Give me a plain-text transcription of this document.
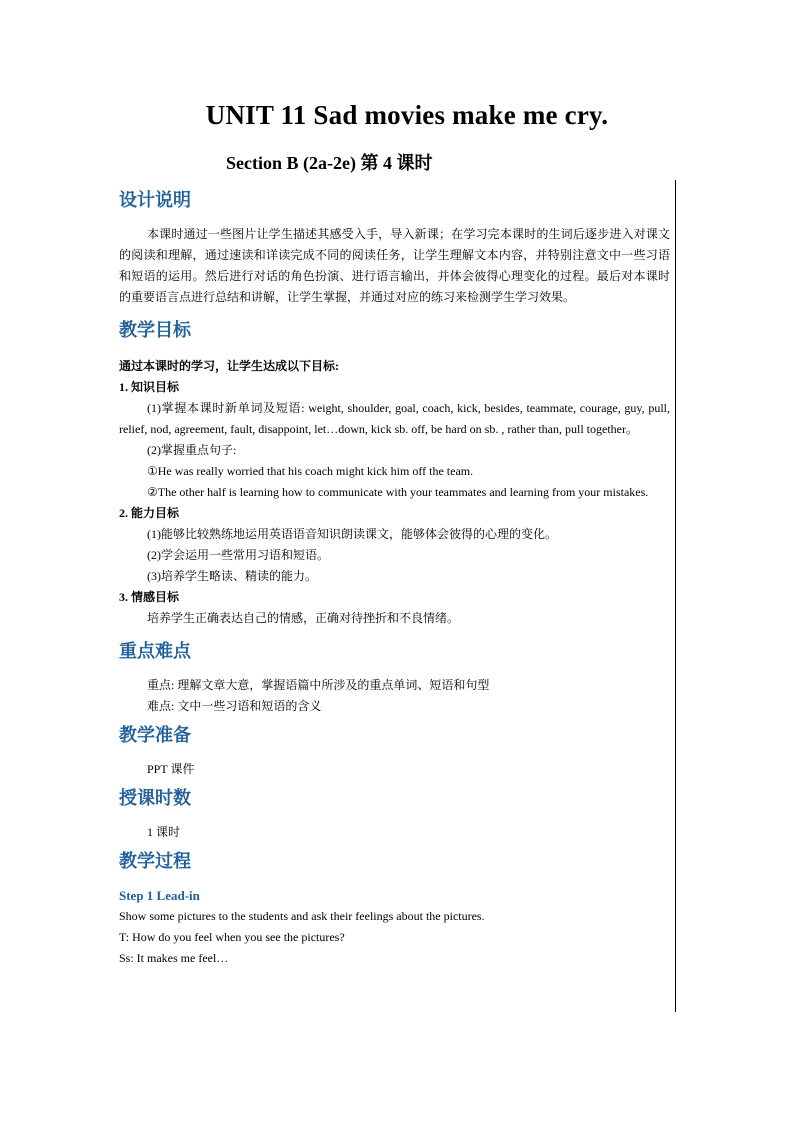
UNIT 11 Sad movies make me cry.
Section B (2a-2e) 第 4 课时
设计说明

本课时通过一些图片让学生描述其感受入手，导入新课；在学习完本课时的生词后逐步进入对课文的阅读和理解，通过速读和详读完成不同的阅读任务，让学生理解文本内容，并特别注意文中一些习语和短语的运用。然后进行对话的角色扮演、进行语言输出，并体会彼得心理变化的过程。最后对本课时的重要语言点进行总结和讲解，让学生掌握，并通过对应的练习来检测学生学习效果。

教学目标

通过本课时的学习，让学生达成以下目标:

1. 知识目标

(1)掌握本课时新单词及短语: weight, shoulder, goal, coach, kick, besides, teammate, courage, guy, pull, relief, nod, agreement, fault, disappoint, let…down, kick sb. off, be hard on sb. , rather than, pull together。

(2)掌握重点句子:

①He was really worried that his coach might kick him off the team.

②The other half is learning how to communicate with your teammates and learning from your mistakes.

2. 能力目标

(1)能够比较熟练地运用英语语音知识朗读课文，能够体会彼得的心理的变化。

(2)学会运用一些常用习语和短语。

(3)培养学生略读、精读的能力。

3. 情感目标

培养学生正确表达自己的情感，正确对待挫折和不良情绪。

重点难点

重点: 理解文章大意，掌握语篇中所涉及的重点单词、短语和句型

难点: 文中一些习语和短语的含义

教学准备

PPT 课件

授课时数

1 课时

教学过程

Step 1 Lead-in

Show some pictures to the students and ask their feelings about the pictures.

T: How do you feel when you see the pictures?

Ss: It makes me feel…
